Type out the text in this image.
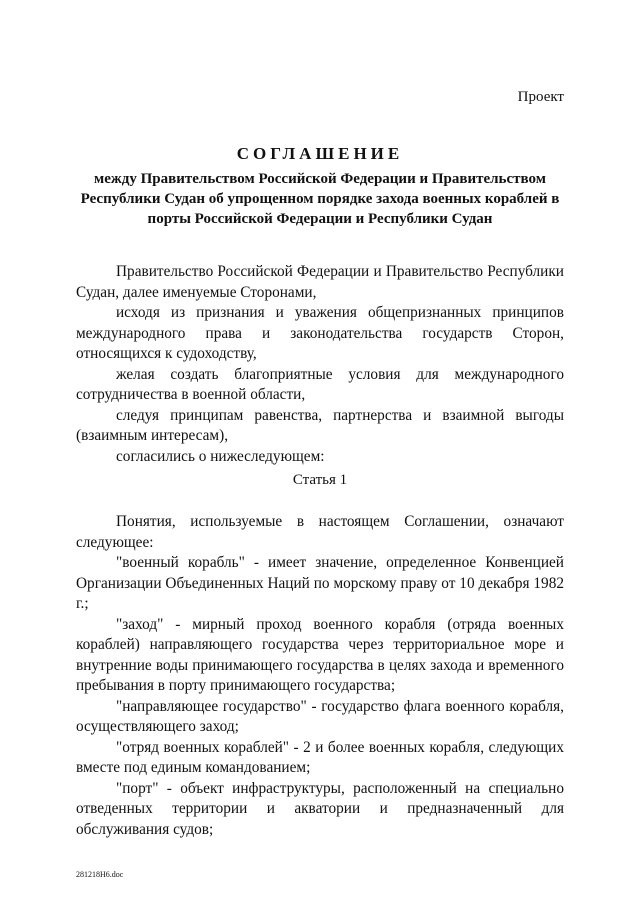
Проект
СОГЛАШЕНИЕ
между Правительством Российской Федерации и Правительством Республики Судан об упрощенном порядке захода военных кораблей в порты Российской Федерации и Республики Судан

Правительство Российской Федерации и Правительство Республики Судан, далее именуемые Сторонами,

исходя из признания и уважения общепризнанных принципов международного права и законодательства государств Сторон, относящихся к судоходству,

желая создать благоприятные условия для международного сотрудничества в военной области,

следуя принципам равенства, партнерства и взаимной выгоды (взаимным интересам),

согласились о нижеследующем:

Статья 1

Понятия, используемые в настоящем Соглашении, означают следующее:

"военный корабль" - имеет значение, определенное Конвенцией Организации Объединенных Наций по морскому праву от 10 декабря 1982 г.;

"заход" - мирный проход военного корабля (отряда военных кораблей) направляющего государства через территориальное море и внутренние воды принимающего государства в целях захода и временного пребывания в порту принимающего государства;

"направляющее государство" - государство флага военного корабля, осуществляющего заход;

"отряд военных кораблей" - 2 и более военных корабля, следующих вместе под единым командованием;

"порт" - объект инфраструктуры, расположенный на специально отведенных территории и акватории и предназначенный для обслуживания судов;

281218H6.doc
